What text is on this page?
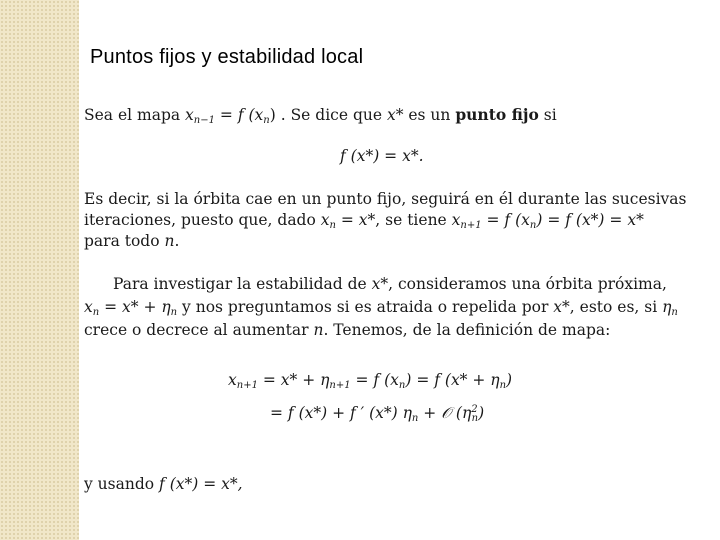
Puntos fijos y estabilidad local
Sea el mapa $x_{n-1} = f$ $(x_n)$ . Se dice que x* es un punto fijo si
f (x*) = x*.
Es decir, si la órbita cae en un punto fijo, seguirá en él durante las sucesivas
iteraciones, puesto que, dado $x_n = x*$, se tiene $x_{n+1} = f$ $(x_n) = f$ (x*) = x*
para todo n.
Para investigar la estabilidad de x*, consideramos una órbita próxima,
$x_n = x* + \eta_n$ y nos preguntamos si es atraida o repelida por x*, esto es, si $\eta_n$
crece o decrece al aumentar n. Tenemos, de la definición de mapa:
$x_{n+1} = x* + \eta_{n+1} = f$ $(x_n) = f$ $(x* + \eta_n)$
= f (x*) + f ′ (x*) $\eta_n$ + 𝒪 $(\eta^2_n)$
y usando f (x*) = x*,
